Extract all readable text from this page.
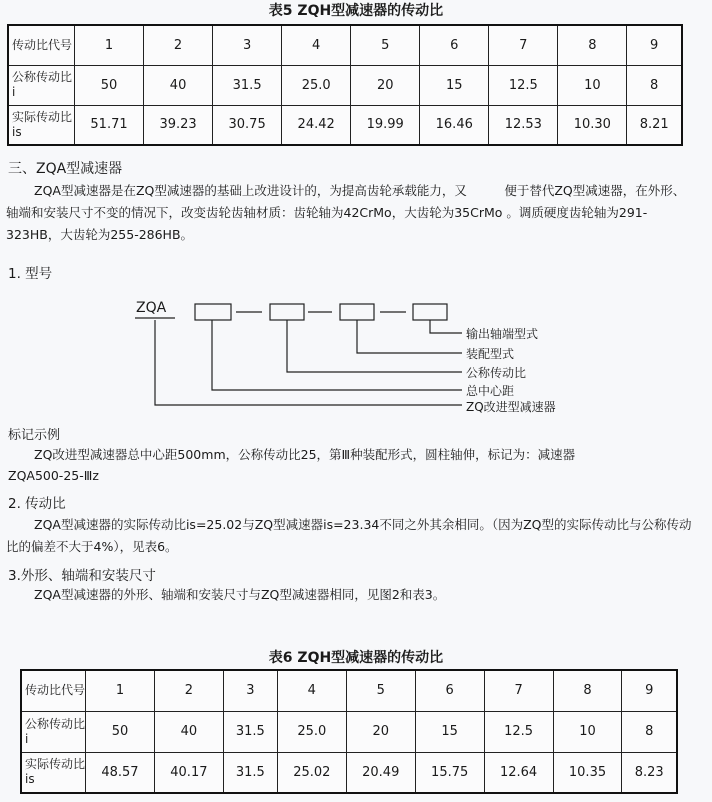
表5 ZQH型减速器的传动比
传动比代号	1	2	3	4	5	6	7	8	9
公称传动比 i	50	40	31.5	25.0	20	15	12.5	10	8
实际传动比 is	51.71	39.23	30.75	24.42	19.99	16.46	12.53	10.30	8.21
三、ZQA型减速器
ZQA型减速器是在ZQ型减速器的基础上改进设计的，为提高齿轮承载能力，又　　　便于替代ZQ型减速器，在外形、轴端和安装尺寸不变的情况下，改变齿轮齿轴材质：齿轮轴为42CrMo，大齿轮为35CrMo 。调质硬度齿轮轴为291-323HB，大齿轮为255-286HB。
1. 型号
ZQA
输出轴端型式
装配型式
公称传动比
总中心距
ZQ改进型减速器
标记示例
ZQ改进型减速器总中心距500mm，公称传动比25，第Ⅲ种装配形式，圆柱轴伸，标记为：减速器
ZQA500-25-Ⅲz
2. 传动比
ZQA型减速器的实际传动比is=25.02与ZQ型减速器is=23.34不同之外其余相同。（因为ZQ型的实际传动比与公称传动比的偏差不大于4%），见表6。
3.外形、轴端和安装尺寸
ZQA型减速器的外形、轴端和安装尺寸与ZQ型减速器相同，见图2和表3。
表6 ZQH型减速器的传动比
传动比代号	1	2	3	4	5	6	7	8	9
公称传动比i	50	40	31.5	25.0	20	15	12.5	10	8
实际传动比is	48.57	40.17	31.5	25.02	20.49	15.75	12.64	10.35	8.23
